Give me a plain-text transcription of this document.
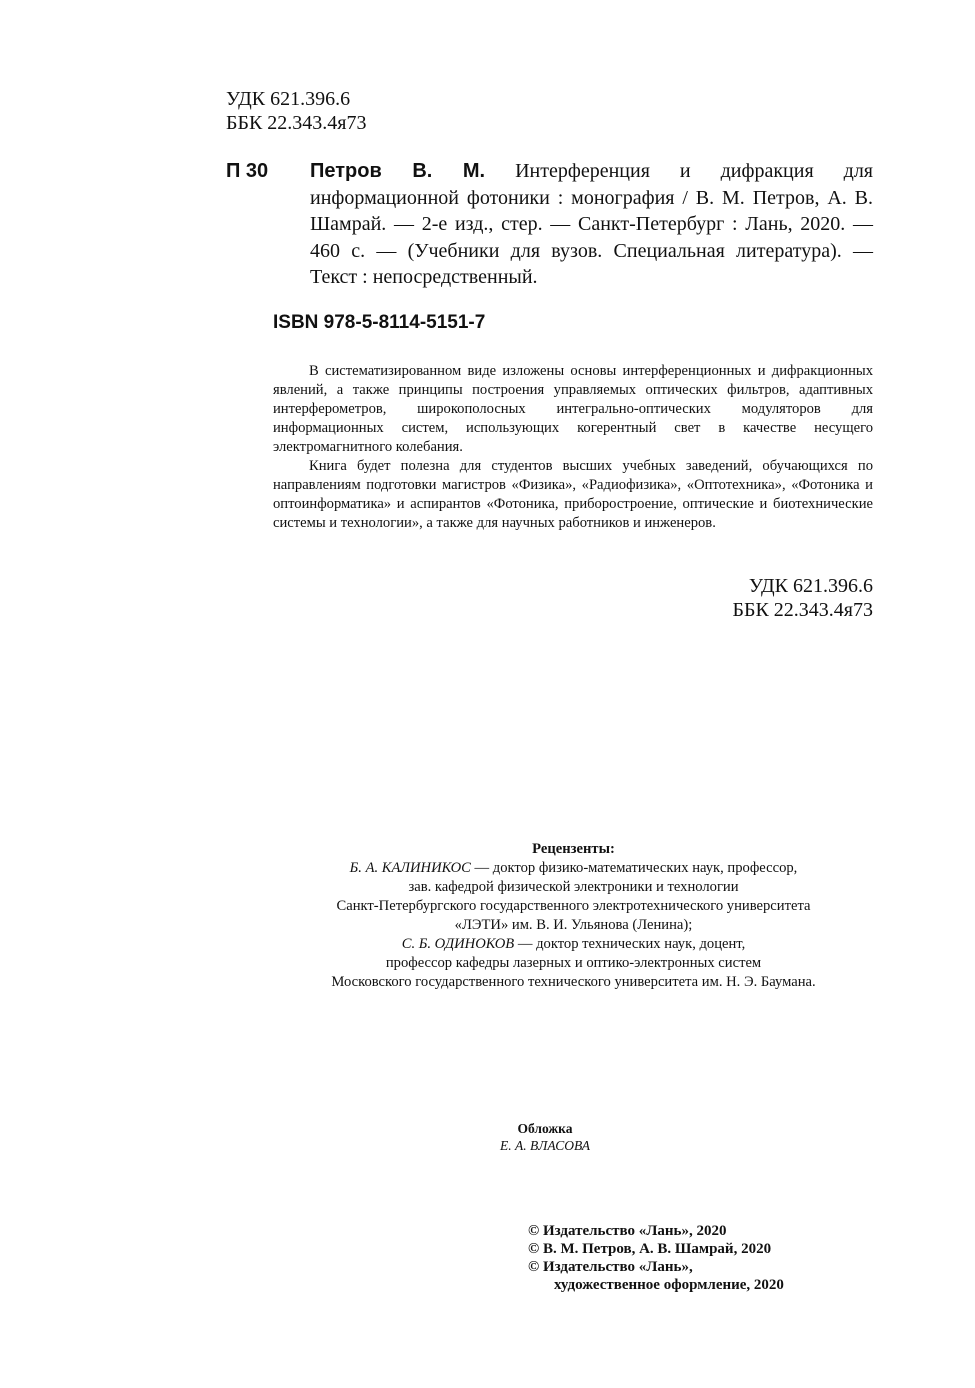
УДК 621.396.6
ББК 22.343.4я73
П 30 Петров В. М. Интерференция и дифракция для информационной фотоники : монография / В. М. Петров, А. В. Шамрай. — 2-е изд., стер. — Санкт-Петербург : Лань, 2020. — 460 с. — (Учебники для вузов. Специальная литература). — Текст : непосредственный.
ISBN 978-5-8114-5151-7

В систематизированном виде изложены основы интерференционных и дифракционных явлений, а также принципы построения управляемых оптических фильтров, адаптивных интерферометров, широкополосных интегрально-оптических модуляторов для информационных систем, использующих когерентный свет в качестве несущего электромагнитного колебания.

Книга будет полезна для студентов высших учебных заведений, обучающихся по направлениям подготовки магистров «Физика», «Радиофизика», «Оптотехника», «Фотоника и оптоинформатика» и аспирантов «Фотоника, приборостроение, оптические и биотехнические системы и технологии», а также для научных работников и инженеров.

УДК 621.396.6
ББК 22.343.4я73
Рецензенты:
Б. А. КАЛИНИКОС — доктор физико-математических наук, профессор,
зав. кафедрой физической электроники и технологии
Санкт-Петербургского государственного электротехнического университета
«ЛЭТИ» им. В. И. Ульянова (Ленина);
С. Б. ОДИНОКОВ — доктор технических наук, доцент,
профессор кафедры лазерных и оптико-электронных систем
Московского государственного технического университета им. Н. Э. Баумана.
Обложка
Е. А. ВЛАСОВА
© Издательство «Лань», 2020
© В. М. Петров, А. В. Шамрай, 2020
© Издательство «Лань»,
художественное оформление, 2020
